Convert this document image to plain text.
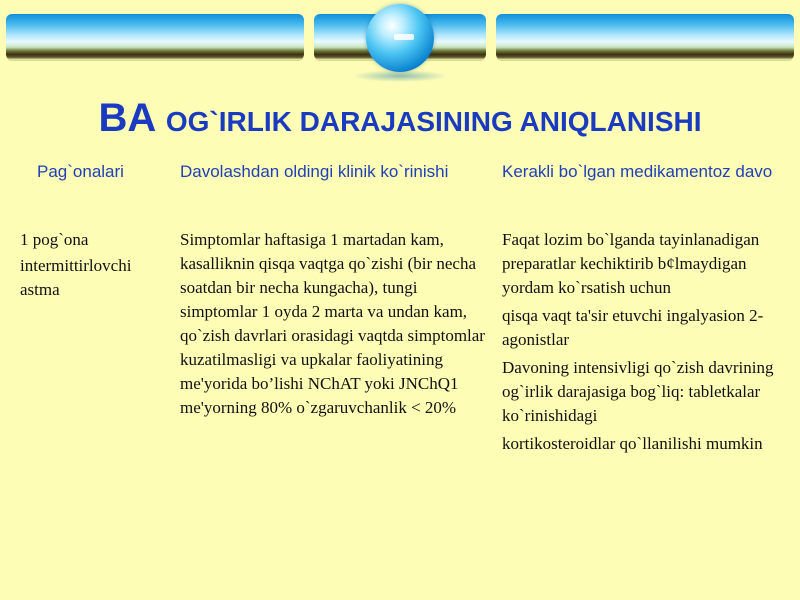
BA OG`IRLIK DARAJASINING ANIQLANISHI
Pag`onalari	Davolashdan oldingi klinik ko`rinishi	Kerakli bo`lgan medikamentoz davo
1 pog`ona
intermittirlovchi astma
Simptomlar haftasiga 1 martadan kam, kasalliknin qisqa vaqtga qo`zishi (bir necha soatdan bir necha kungacha), tungi simptomlar 1 oyda 2 marta va undan kam, qo`zish davrlari orasidagi vaqtda simptomlar kuzatilmasligi va upkalar faoliyatining me'yorida bo’lishi NChAT yoki JNChQ1 me'yorning 80% o`zgaruvchanlik < 20%
Faqat lozim bo`lganda tayinlanadigan preparatlar kechiktirib b¢lmaydigan yordam ko`rsatish uchun
qisqa vaqt ta'sir etuvchi ingalyasion 2-agonistlar
Davoning intensivligi qo`zish davrining og`irlik darajasiga bog`liq: tabletkalar ko`rinishidagi
kortikosteroidlar qo`llanilishi mumkin
